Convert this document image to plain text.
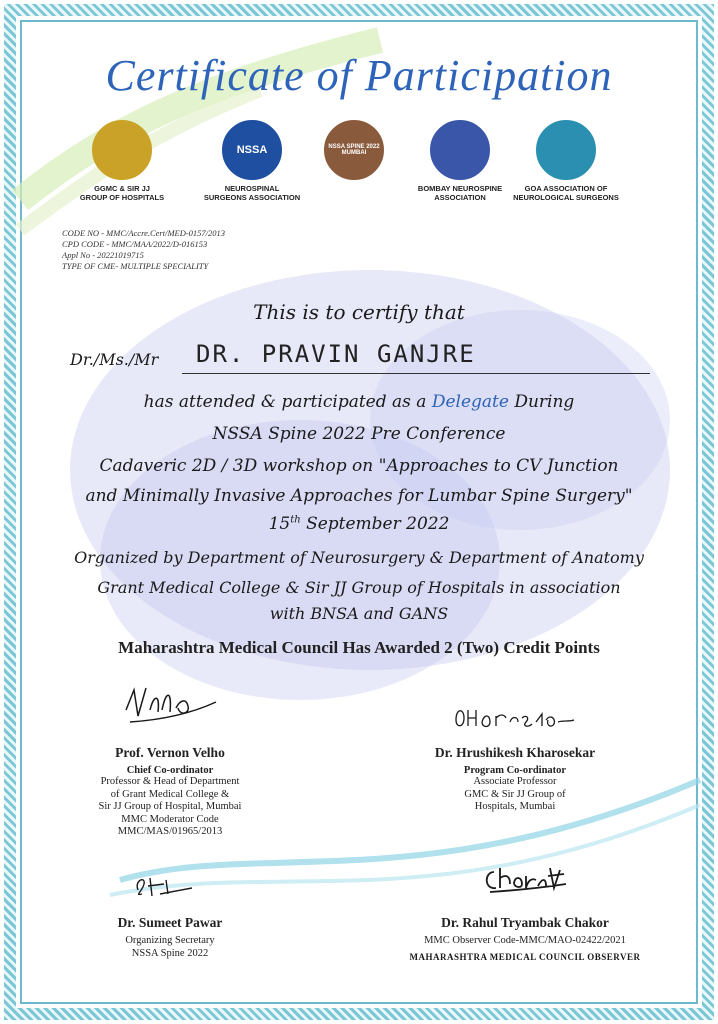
Certificate of Participation
GGMC & SIR JJ
GROUP OF HOSPITALS
NSSA
NEUROSPINAL
SURGEONS ASSOCIATION
NSSA SPINE 2022
MUMBAI
BOMBAY NEUROSPINE
ASSOCIATION
GOA ASSOCIATION OF
NEUROLOGICAL SURGEONS
CODE NO - MMC/Accre.Cert/MED-0157/2013
CPD CODE - MMC/MAA/2022/D-016153
Appl No - 20221019715
TYPE OF CME- MULTIPLE SPECIALITY
This is to certify that
Dr./Ms./Mr DR. PRAVIN GANJRE
has attended & participated as a Delegate During
NSSA Spine 2022 Pre Conference
Cadaveric 2D / 3D workshop on "Approaches to CV Junction
and Minimally Invasive Approaches for Lumbar Spine Surgery"
15th September 2022
Organized by Department of Neurosurgery & Department of Anatomy
Grant Medical College & Sir JJ Group of Hospitals in association
with BNSA and GANS
Maharashtra Medical Council Has Awarded 2 (Two) Credit Points
Prof. Vernon Velho
Chief Co-ordinator
Professor & Head of Department
of Grant Medical College &
Sir JJ Group of Hospital, Mumbai
MMC Moderator Code
MMC/MAS/01965/2013
Dr. Hrushikesh Kharosekar
Program Co-ordinator
Associate Professor
GMC & Sir JJ Group of
Hospitals, Mumbai
Dr. Sumeet Pawar
Organizing Secretary
NSSA Spine 2022
Dr. Rahul Tryambak Chakor
MMC Observer Code-MMC/MAO-02422/2021
MAHARASHTRA MEDICAL COUNCIL OBSERVER
